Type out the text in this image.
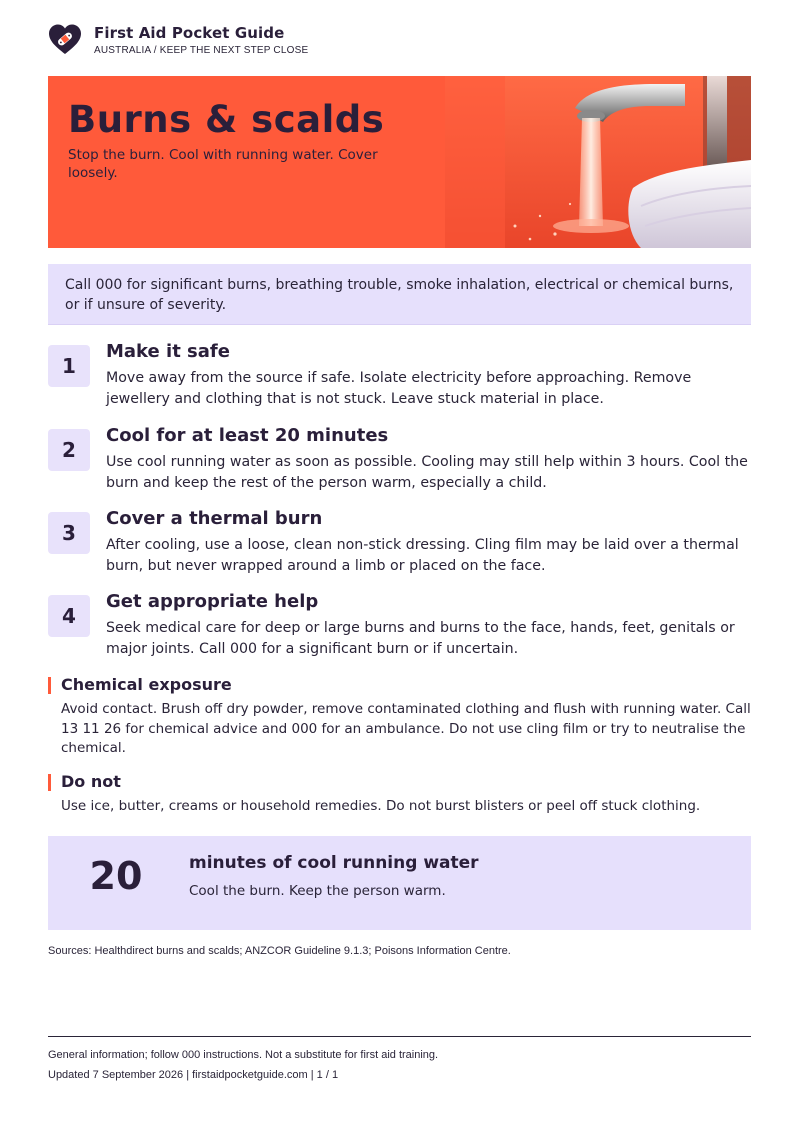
First Aid Pocket Guide
AUSTRALIA / KEEP THE NEXT STEP CLOSE
Burns & scalds
Stop the burn. Cool with running water. Cover loosely.
Call 000 for significant burns, breathing trouble, smoke inhalation, electrical or chemical burns, or if unsure of severity.
1
Make it safe
Move away from the source if safe. Isolate electricity before approaching. Remove jewellery and clothing that is not stuck. Leave stuck material in place.
2
Cool for at least 20 minutes
Use cool running water as soon as possible. Cooling may still help within 3 hours. Cool the burn and keep the rest of the person warm, especially a child.
3
Cover a thermal burn
After cooling, use a loose, clean non-stick dressing. Cling film may be laid over a thermal burn, but never wrapped around a limb or placed on the face.
4
Get appropriate help
Seek medical care for deep or large burns and burns to the face, hands, feet, genitals or major joints. Call 000 for a significant burn or if uncertain.
Chemical exposure
Avoid contact. Brush off dry powder, remove contaminated clothing and flush with running water. Call 13 11 26 for chemical advice and 000 for an ambulance. Do not use cling film or try to neutralise the chemical.
Do not
Use ice, butter, creams or household remedies. Do not burst blisters or peel off stuck clothing.
20	minutes of cool running water
Cool the burn. Keep the person warm.
Sources: Healthdirect burns and scalds; ANZCOR Guideline 9.1.3; Poisons Information Centre.
General information; follow 000 instructions. Not a substitute for first aid training.
Updated 7 September 2026 | firstaidpocketguide.com | 1 / 1
